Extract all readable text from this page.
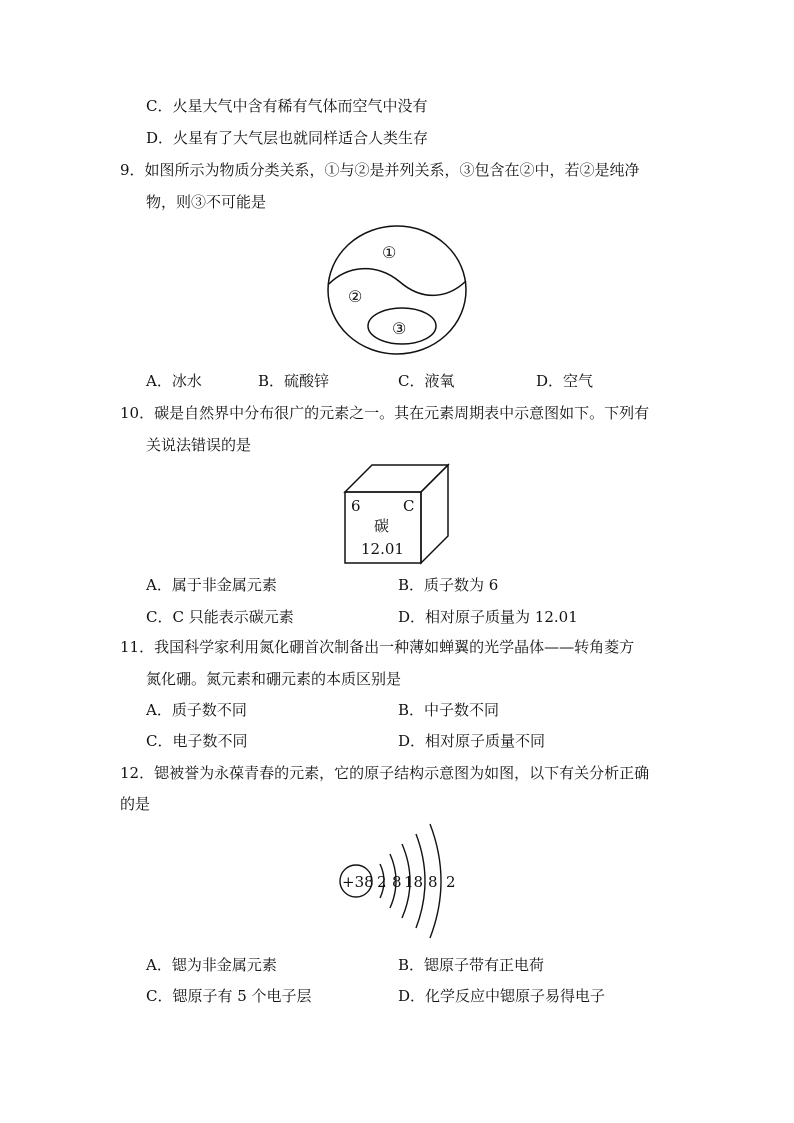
C．火星大气中含有稀有气体而空气中没有
D．火星有了大气层也就同样适合人类生存
9．如图所示为物质分类关系，①与②是并列关系，③包含在②中，若②是纯净
物，则③不可能是
①
②
③
A．冰水	B．硫酸锌	C．液氧	D．空气
10．碳是自然界中分布很广的元素之一。其在元素周期表中示意图如下。下列有
关说法错误的是
6	C
碳
12.01
A．属于非金属元素	B．质子数为 6
C．C 只能表示碳元素	D．相对原子质量为 12.01
11．我国科学家利用氮化硼首次制备出一种薄如蝉翼的光学晶体——转角菱方
氮化硼。氮元素和硼元素的本质区别是
A．质子数不同	B．中子数不同
C．电子数不同	D．相对原子质量不同
12．锶被誉为永葆青春的元素，它的原子结构示意图为如图，以下有关分析正确
的是
+38 2 8 18 8 2
A．锶为非金属元素	B．锶原子带有正电荷
C．锶原子有 5 个电子层	D．化学反应中锶原子易得电子
